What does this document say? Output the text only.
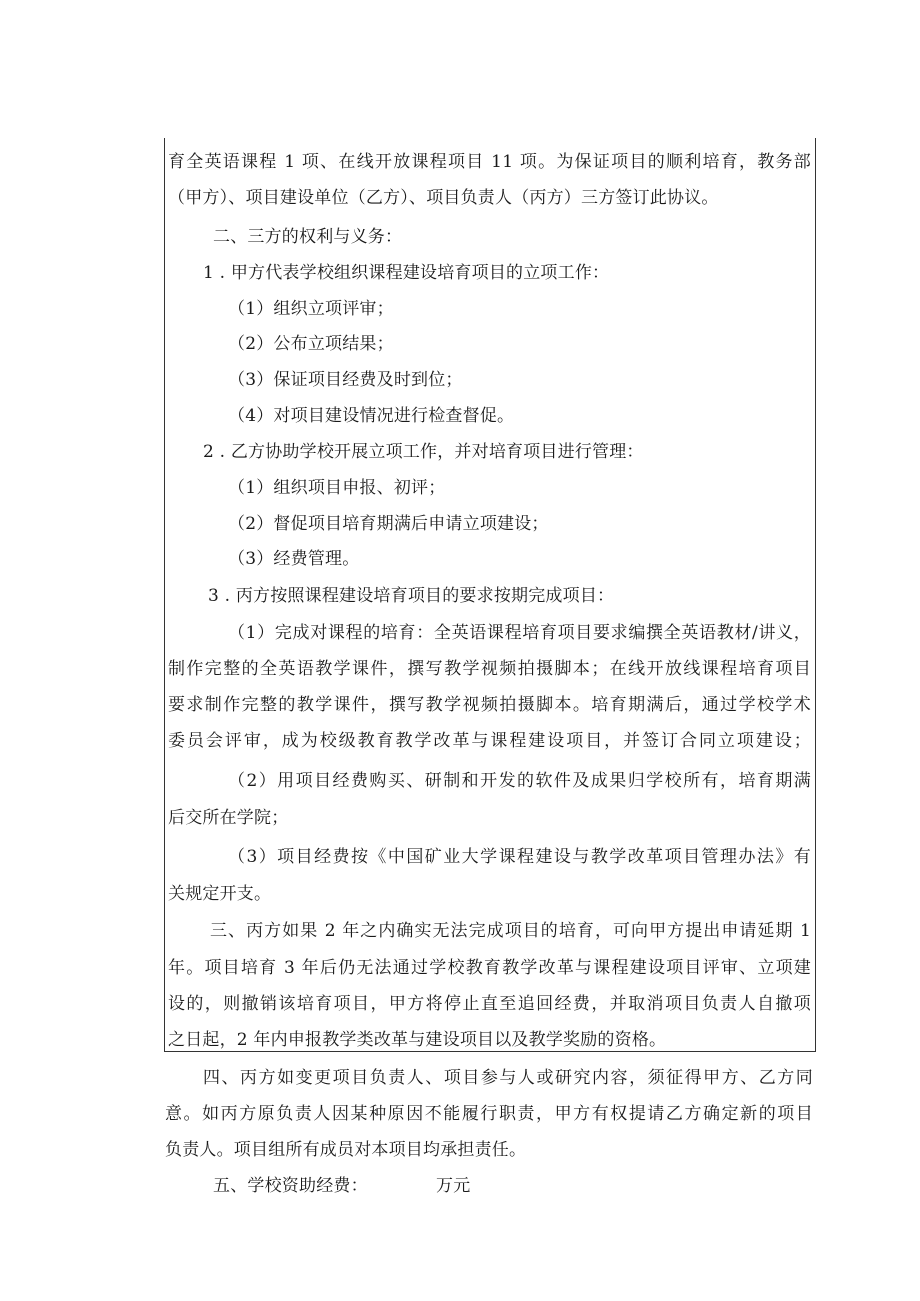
育全英语课程 1 项、在线开放课程项目 11 项。为保证项目的顺利培育，教务部
（甲方）、项目建设单位（乙方）、项目负责人（丙方）三方签订此协议。
二、三方的权利与义务：
1 . 甲方代表学校组织课程建设培育项目的立项工作：
（1）组织立项评审；
（2）公布立项结果；
（3）保证项目经费及时到位；
（4）对项目建设情况进行检查督促。
2 . 乙方协助学校开展立项工作，并对培育项目进行管理：
（1）组织项目申报、初评；
（2）督促项目培育期满后申请立项建设；
（3）经费管理。
3 . 丙方按照课程建设培育项目的要求按期完成项目：
（1）完成对课程的培育：全英语课程培育项目要求编撰全英语教材/讲义，
制作完整的全英语教学课件，撰写教学视频拍摄脚本；在线开放线课程培育项目
要求制作完整的教学课件，撰写教学视频拍摄脚本。培育期满后，通过学校学术
委员会评审，成为校级教育教学改革与课程建设项目，并签订合同立项建设；
（2）用项目经费购买、研制和开发的软件及成果归学校所有，培育期满
后交所在学院；
（3）项目经费按《中国矿业大学课程建设与教学改革项目管理办法》有
关规定开支。
三、丙方如果 2 年之内确实无法完成项目的培育，可向甲方提出申请延期 1
年。项目培育 3 年后仍无法通过学校教育教学改革与课程建设项目评审、立项建
设的，则撤销该培育项目，甲方将停止直至追回经费，并取消项目负责人自撤项
之日起，2 年内申报教学类改革与建设项目以及教学奖励的资格。
四、丙方如变更项目负责人、项目参与人或研究内容，须征得甲方、乙方同
意。如丙方原负责人因某种原因不能履行职责，甲方有权提请乙方确定新的项目
负责人。项目组所有成员对本项目均承担责任。
五、学校资助经费：	万元
